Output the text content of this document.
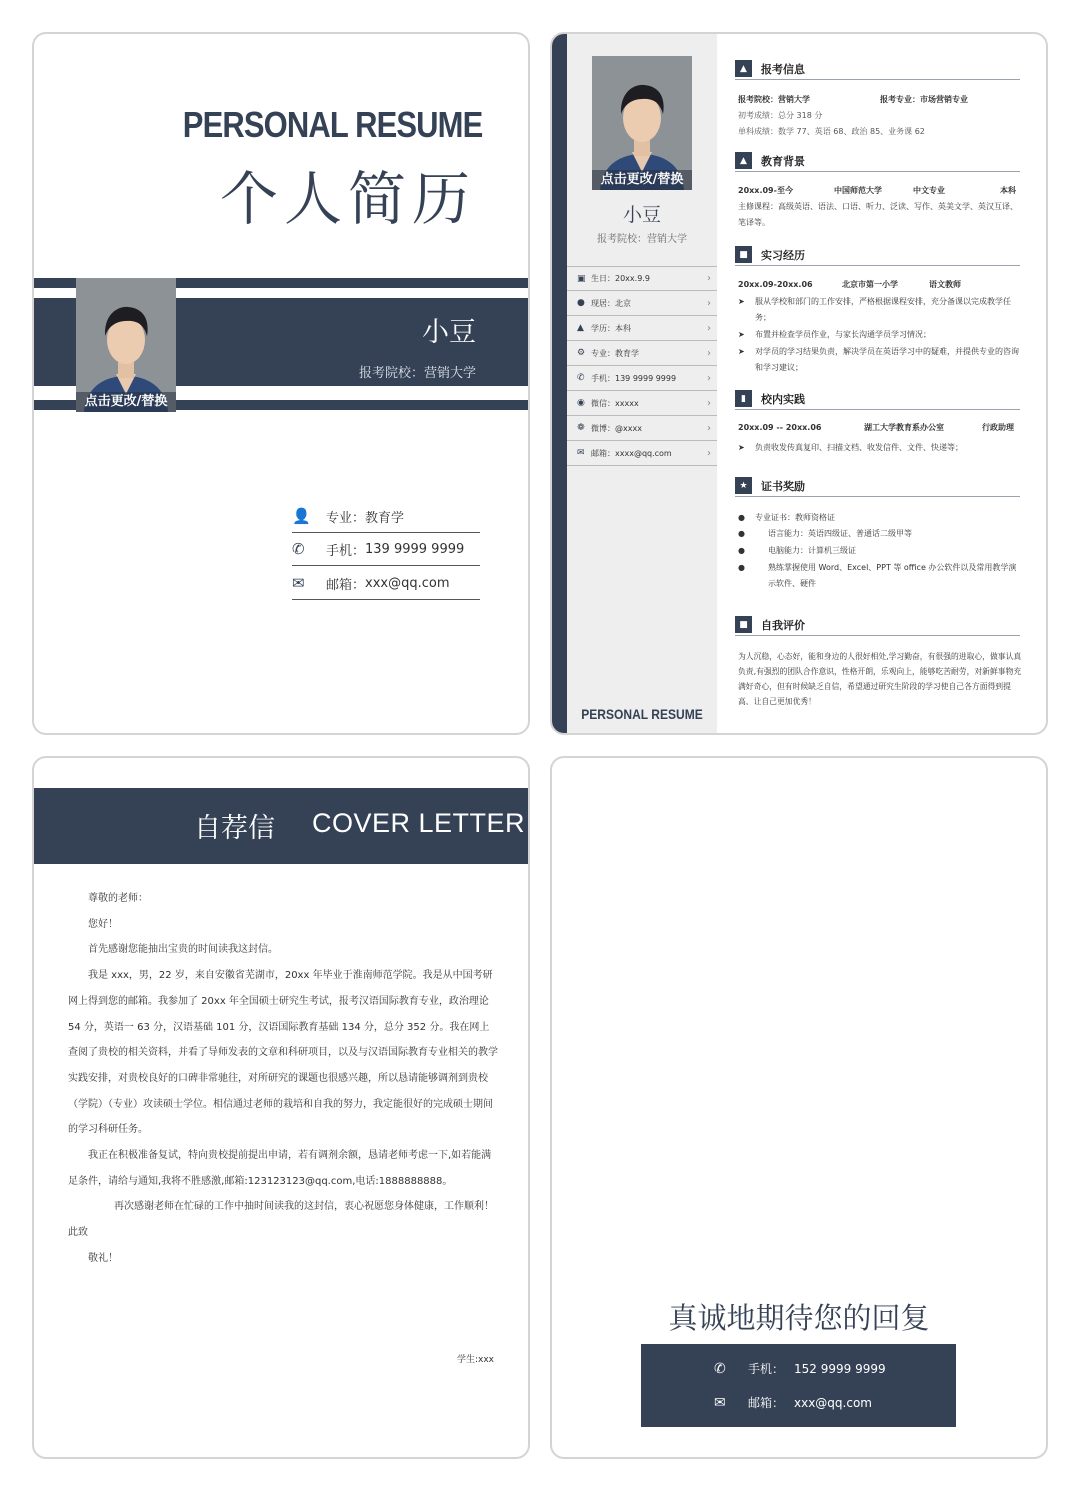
PERSONAL RESUME
个人简历
点击更改/替换
小豆
报考院校：营销大学
👤	专业： 教育学
✆	手机： 139 9999 9999
✉	邮箱： xxx@qq.com
点击更改/替换
小豆
报考院校：营销大学
▣ 生日： 20xx.9.9	›
● 现居： 北京	›
▲ 学历： 本科	›
⚙ 专业： 教育学	›
✆ 手机： 139 9999 9999	›
◉ 微信： xxxxx	›
❁ 微博： @xxxx	›
✉ 邮箱： xxxx@qq.com	›
PERSONAL RESUME
▲	报考信息
报考院校：营销大学	报考专业：市场营销专业
初考成绩：总分 318 分
单科成绩：数学 77、英语 68、政治 85、业务课 62
▲	教育背景
20xx.09-至今	中国师范大学	中文专业	本科
主修课程：高级英语、语法、口语、听力、泛读、写作、英美文学、英汉互译、笔译等。
■	实习经历
20xx.09-20xx.06	北京市第一小学	语文教师
➤ 服从学校和部门的工作安排，严格根据课程安排，充分备课以完成教学任务；
➤ 布置并检查学员作业，与家长沟通学员学习情况；
➤ 对学员的学习结果负责，解决学员在英语学习中的疑难，并提供专业的咨询和学习建议；
▮	校内实践
20xx.09 -- 20xx.06	湖工大学教育系办公室	行政助理
➤ 负责收发传真复印、扫描文档、收发信件、文件、快递等；
★	证书奖励
● 专业证书：教师资格证
●	语言能力：英语四级证、普通话二级甲等
●	电脑能力：计算机三级证
●	熟练掌握使用 Word、Excel、PPT 等 office 办公软件以及常用教学演示软件、硬件
■	自我评价
为人沉稳，心态好，能和身边的人很好相处,学习勤奋，有很强的进取心，做事认真负责,有强烈的团队合作意识，性格开朗，乐观向上，能够吃苦耐劳，对新鲜事物充满好奇心，但有时候缺乏自信，希望通过研究生阶段的学习使自己各方面得到提高，让自己更加优秀！
自荐信 COVER LETTER

尊敬的老师：

您好！

首先感谢您能抽出宝贵的时间读我这封信。

我是 xxx，男，22 岁，来自安徽省芜湖市，20xx 年毕业于淮南师范学院。我是从中国考研网上得到您的邮箱。我参加了 20xx 年全国硕士研究生考试，报考汉语国际教育专业，政治理论 54 分，英语一 63 分，汉语基础 101 分，汉语国际教育基础 134 分，总分 352 分。我在网上查阅了贵校的相关资料，并看了导师发表的文章和科研项目，以及与汉语国际教育专业相关的教学实践安排，对贵校良好的口碑非常驰往，对所研究的课题也很感兴趣，所以恳请能够调剂到贵校（学院）（专业）攻读硕士学位。相信通过老师的栽培和自我的努力，我定能很好的完成硕士期间的学习科研任务。

我正在积极准备复试，特向贵校提前提出申请，若有调剂余额，恳请老师考虑一下,如若能满足条件，请给与通知,我将不胜感激,邮箱:123123123@qq.com,电话:1888888888。

再次感谢老师在忙碌的工作中抽时间读我的这封信，衷心祝愿您身体健康，工作顺利！

此致

敬礼！

学生:xxx
真诚地期待您的回复
✆	手机： 152 9999 9999
✉	邮箱： xxx@qq.com
